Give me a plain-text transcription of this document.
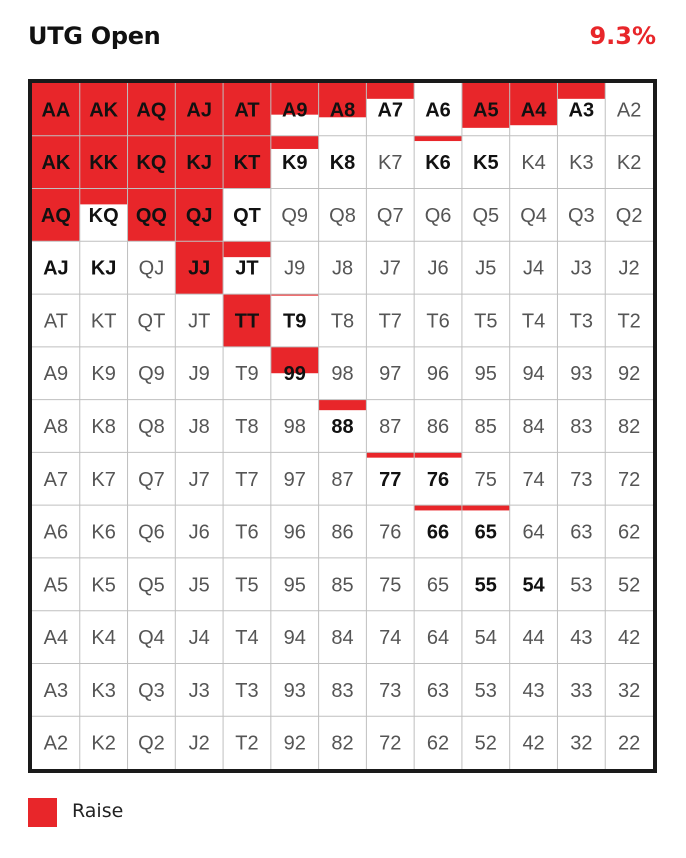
UTG Open	9.3%
AA AK AQ AJ AT A9 A8 A7 A6 A5 A4 A3 A2
AK KK KQ KJ KT K9 K8 K7 K6 K5 K4 K3 K2
AQ KQ QQ QJ QT Q9 Q8 Q7 Q6 Q5 Q4 Q3 Q2
AJ KJ QJ JJ JT J9 J8 J7 J6 J5 J4 J3 J2
AT KT QT JT TT T9 T8 T7 T6 T5 T4 T3 T2
A9 K9 Q9 J9 T9 99 98 97 96 95 94 93 92
A8 K8 Q8 J8 T8 98 88 87 86 85 84 83 82
A7 K7 Q7 J7 T7 97 87 77 76 75 74 73 72
A6 K6 Q6 J6 T6 96 86 76 66 65 64 63 62
A5 K5 Q5 J5 T5 95 85 75 65 55 54 53 52
A4 K4 Q4 J4 T4 94 84 74 64 54 44 43 42
A3 K3 Q3 J3 T3 93 83 73 63 53 43 33 32
A2 K2 Q2 J2 T2 92 82 72 62 52 42 32 22
Raise
